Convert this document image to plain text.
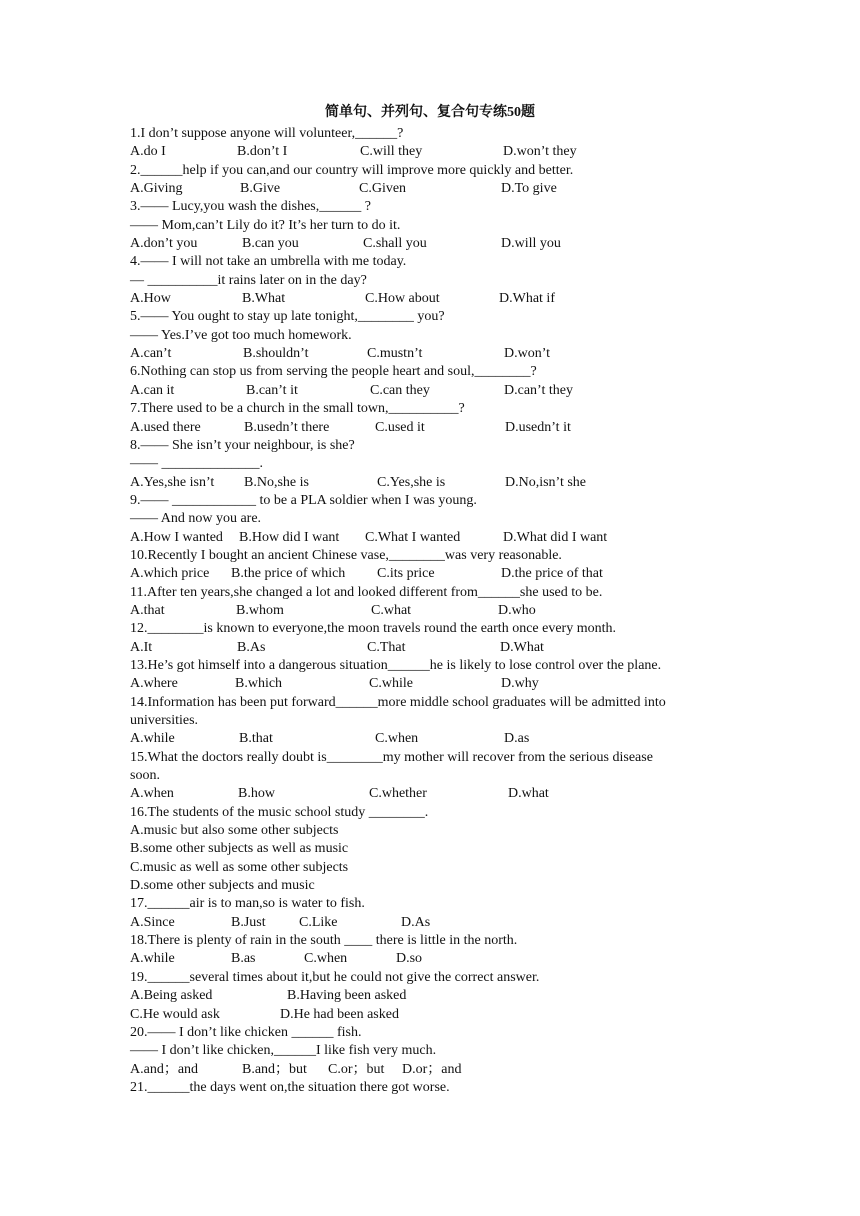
简单句、并列句、复合句专练50题
1.I don’t suppose anyone will volunteer,______?
A.do I	B.don’t I	C.will they	D.won’t they
2.______help if you can,and our country will improve more quickly and better.
A.Giving	B.Give	C.Given	D.To give
3.—— Lucy,you wash the dishes,______ ?
—— Mom,can’t Lily do it? It’s her turn to do it.
A.don’t you	B.can you	C.shall you	D.will you
4.—— I will not take an umbrella with me today.
— __________it rains later on in the day?
A.How	B.What	C.How about	D.What if
5.—— You ought to stay up late tonight,________ you?
—— Yes.I’ve got too much homework.
A.can’t	B.shouldn’t	C.mustn’t	D.won’t
6.Nothing can stop us from serving the people heart and soul,________?
A.can it	B.can’t it	C.can they	D.can’t they
7.There used to be a church in the small town,__________?
A.used there	B.usedn’t there	C.used it	D.usedn’t it
8.—— She isn’t your neighbour, is she?
—— ______________.
A.Yes,she isn’t B.No,she is	C.Yes,she is	D.No,isn’t she
9.—— ____________ to be a PLA soldier when I was young.
—— And now you are.
A.How I wanted B.How did I want C.What I wanted	D.What did I want
10.Recently I bought an ancient Chinese vase,________was very reasonable.
A.which price B.the price of which C.its price	D.the price of that
11.After ten years,she changed a lot and looked different from______she used to be.
A.that	B.whom	C.what	D.who
12.________is known to everyone,the moon travels round the earth once every month.
A.It	B.As	C.That	D.What
13.He’s got himself into a dangerous situation______he is likely to lose control over the plane.
A.where	B.which	C.while	D.why
14.Information has been put forward______more middle school graduates will be admitted into
universities.
A.while	B.that	C.when	D.as
15.What the doctors really doubt is________my mother will recover from the serious disease
soon.
A.when	B.how	C.whether	D.what
16.The students of the music school study ________.
A.music but also some other subjects
B.some other subjects as well as music
C.music as well as some other subjects
D.some other subjects and music
17.______air is to man,so is water to fish.
A.Since	B.Just C.Like	D.As
18.There is plenty of rain in the south ____ there is little in the north.
A.while	B.as	C.when	D.so
19.______several times about it,but he could not give the correct answer.
A.Being asked	B.Having been asked
C.He would ask	D.He had been asked
20.—— I don’t like chicken ______ fish.
—— I don’t like chicken,______I like fish very much.
A.and；and	B.and；but C.or；but D.or；and
21.______the days went on,the situation there got worse.
